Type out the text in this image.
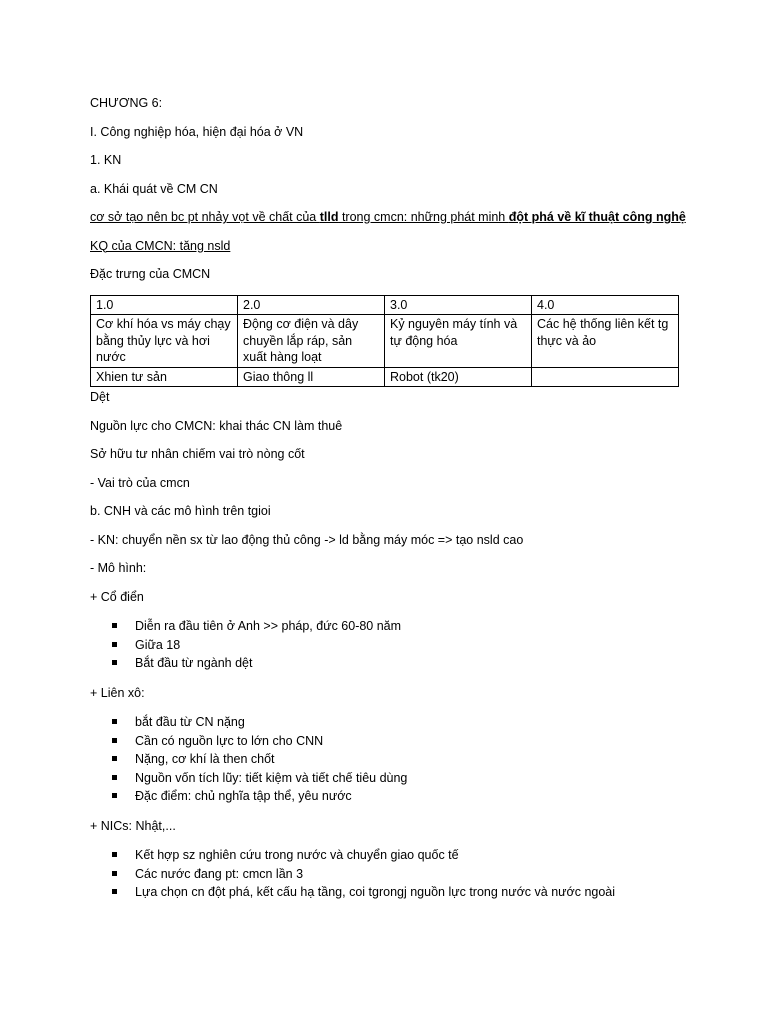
CHƯƠNG 6:

I. Công nghiệp hóa, hiện đại hóa ở VN

1. KN

a. Khái quát về CM CN

cơ sở tạo nên bc pt nhảy vọt về chất của tlld trong cmcn: những phát minh đột phá về kĩ thuật công nghệ

KQ của CMCN: tăng nsld

Đặc trưng của CMCN

1.0	2.0	3.0	4.0
Cơ khí hóa vs máy chạy bằng thủy lực và hơi nước	Động cơ điện và dây chuyền lắp ráp, sản xuất hàng loạt	Kỷ nguyên máy tính và tự động hóa	Các hệ thống liên kết tg thực và ảo
Xhien tư sản	Giao thông ll	Robot (tk20)	

Dệt

Nguồn lực cho CMCN: khai thác CN làm thuê

Sở hữu tư nhân chiếm vai trò nòng cốt

- Vai trò của cmcn

b. CNH và các mô hình trên tgioi

- KN: chuyển nền sx từ lao động thủ công -> ld bằng máy móc => tạo nsld cao

- Mô hình:

+ Cổ điển

Diễn ra đầu tiên ở Anh >> pháp, đức 60-80 năm
Giữa 18
Bắt đầu từ ngành dệt

+ Liên xô:

bắt đầu từ CN nặng
Cần có nguồn lực to lớn cho CNN
Nặng, cơ khí là then chốt
Nguồn vốn tích lũy: tiết kiệm và tiết chế tiêu dùng
Đặc điểm: chủ nghĩa tập thể, yêu nước

+ NICs: Nhật,...

Kết hợp sz nghiên cứu trong nước và chuyển giao quốc tế
Các nước đang pt: cmcn lần 3
Lựa chọn cn đột phá, kết cấu hạ tầng, coi tgrongj nguồn lực trong nước và nước ngoài
